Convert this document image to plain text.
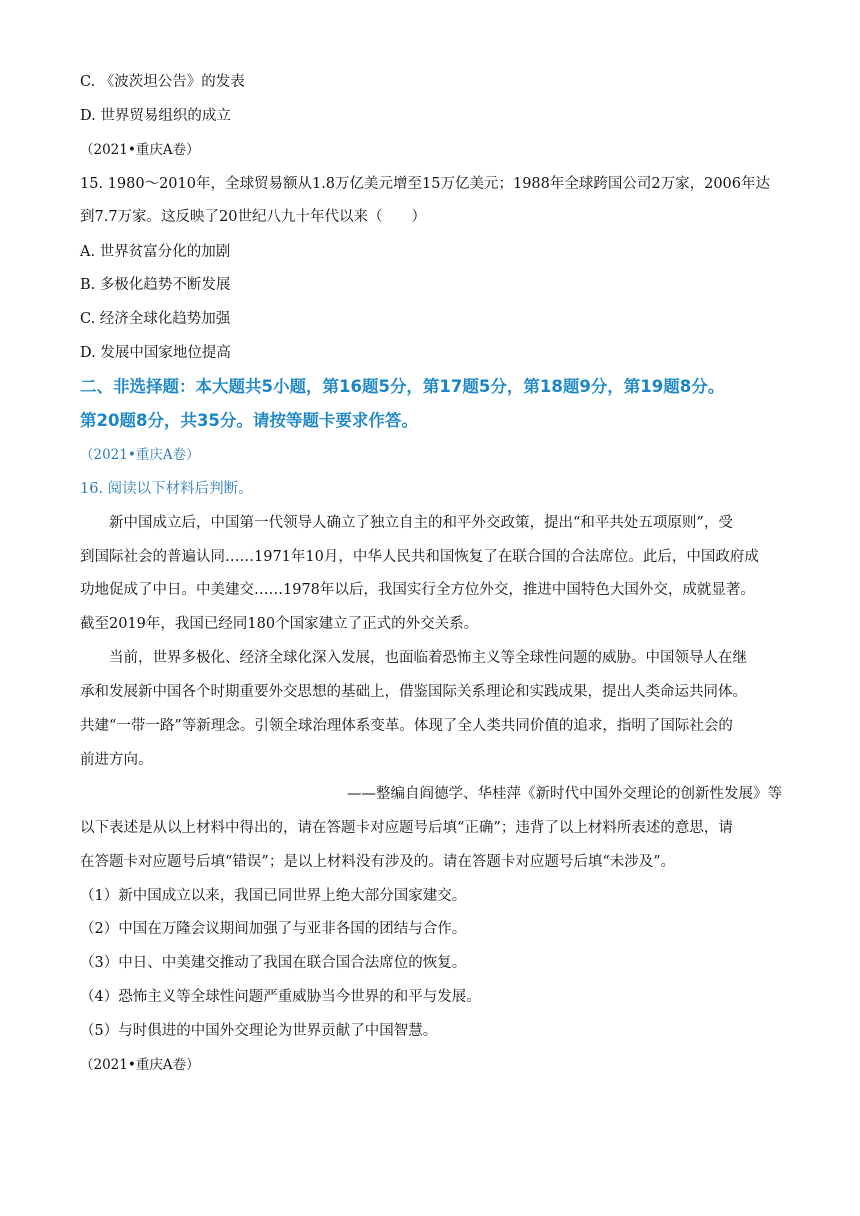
C. 《波茨坦公告》的发表
D. 世界贸易组织的成立
（2021•重庆A卷）
15. 1980～2010年，全球贸易额从1.8万亿美元增至15万亿美元；1988年全球跨国公司2万家，2006年达
到7.7万家。这反映了20世纪八九十年代以来（　　）
A. 世界贫富分化的加剧
B. 多极化趋势不断发展
C. 经济全球化趋势加强
D. 发展中国家地位提高
二、非选择题：本大题共5小题，第16题5分，第17题5分，第18题9分，第19题8分。
第20题8分，共35分。请按等题卡要求作答。
（2021•重庆A卷）
16. 阅读以下材料后判断。
新中国成立后，中国第一代领导人确立了独立自主的和平外交政策，提出“和平共处五项原则”，受
到国际社会的普遍认同……1971年10月，中华人民共和国恢复了在联合国的合法席位。此后，中国政府成
功地促成了中日。中美建交……1978年以后，我国实行全方位外交，推进中国特色大国外交，成就显著。
截至2019年，我国已经同180个国家建立了正式的外交关系。
当前，世界多极化、经济全球化深入发展，也面临着恐怖主义等全球性问题的威胁。中国领导人在继
承和发展新中国各个时期重要外交思想的基础上，借鉴国际关系理论和实践成果，提出人类命运共同体。
共建“一带一路”等新理念。引领全球治理体系变革。体现了全人类共同价值的追求，指明了国际社会的
前进方向。
——整编自阎德学、华桂萍《新时代中国外交理论的创新性发展》等
以下表述是从以上材料中得出的，请在答题卡对应题号后填“正确”；违背了以上材料所表述的意思，请
在答题卡对应题号后填“错误”；是以上材料没有涉及的。请在答题卡对应题号后填“未涉及”。
（1）新中国成立以来，我国已同世界上绝大部分国家建交。
（2）中国在万隆会议期间加强了与亚非各国的团结与合作。
（3）中日、中美建交推动了我国在联合国合法席位的恢复。
（4）恐怖主义等全球性问题严重威胁当今世界的和平与发展。
（5）与时俱进的中国外交理论为世界贡献了中国智慧。
（2021•重庆A卷）
